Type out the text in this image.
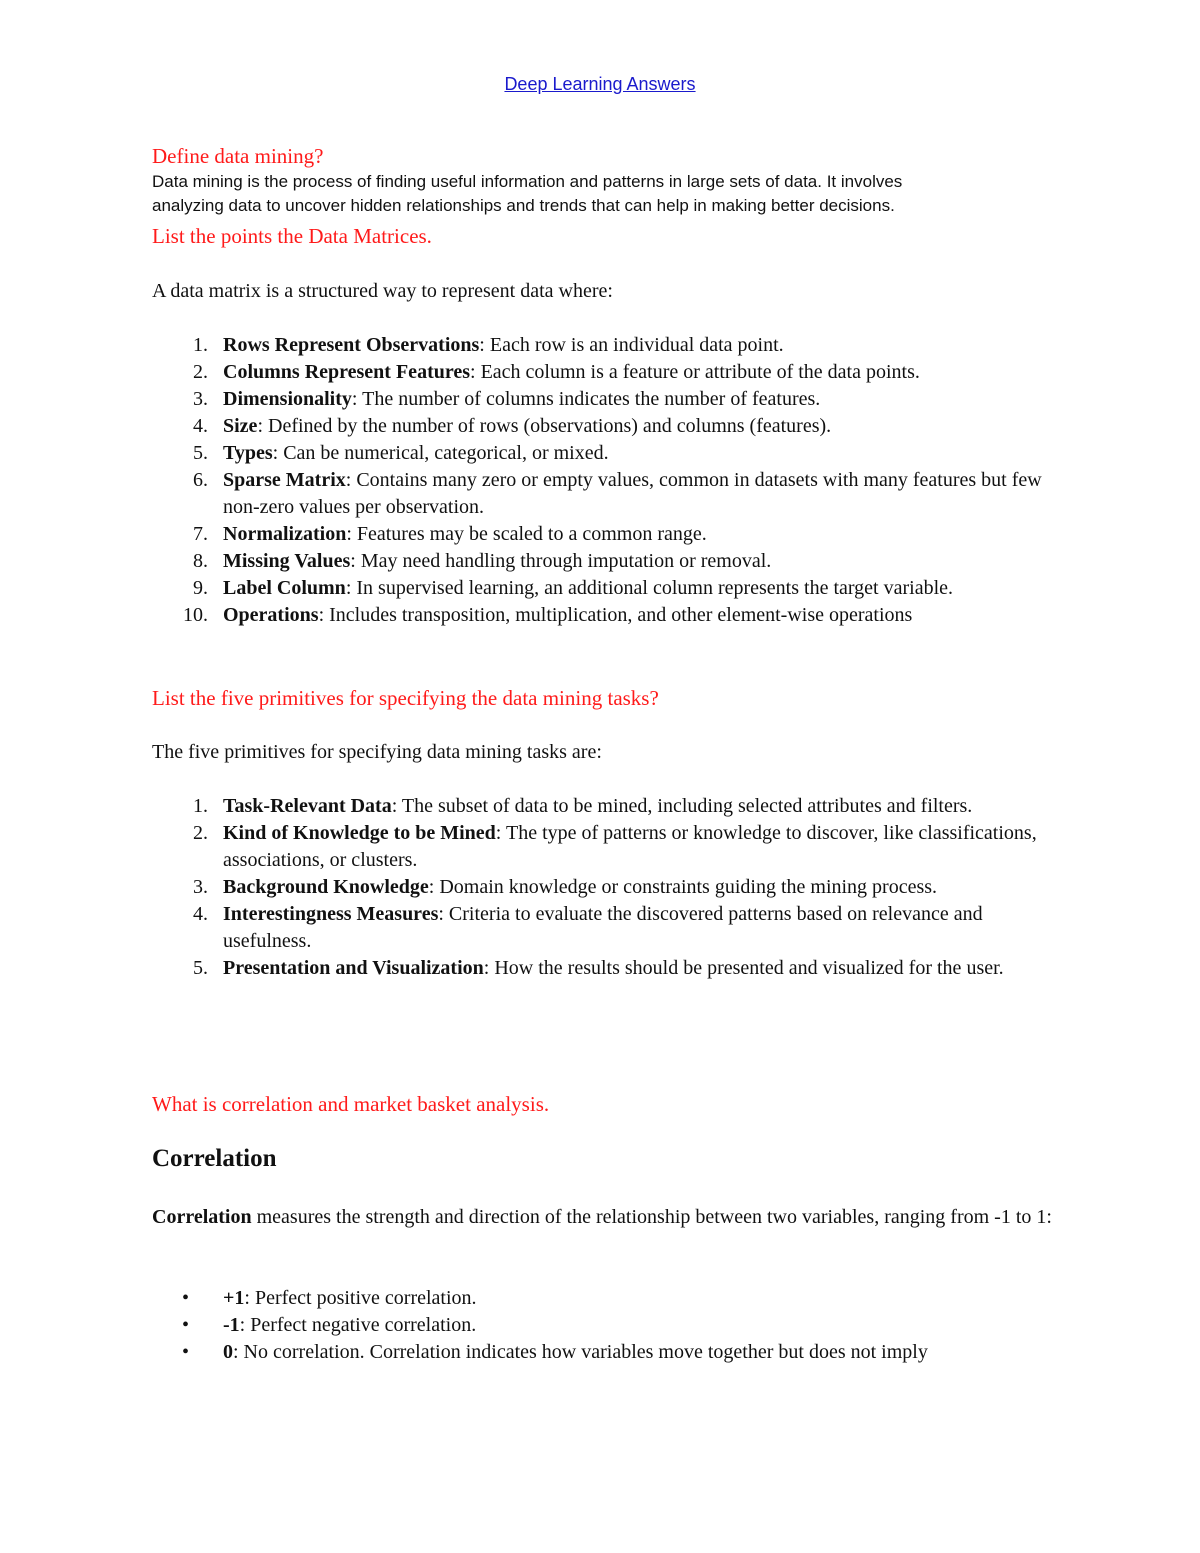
Deep Learning Answers
Define data mining?
Data mining is the process of finding useful information and patterns in large sets of data. It involves
analyzing data to uncover hidden relationships and trends that can help in making better decisions.
List the points the Data Matrices.
A data matrix is a structured way to represent data where:
1. Rows Represent Observations: Each row is an individual data point.
2. Columns Represent Features: Each column is a feature or attribute of the data points.
3. Dimensionality: The number of columns indicates the number of features.
4. Size: Defined by the number of rows (observations) and columns (features).
5. Types: Can be numerical, categorical, or mixed.
6. Sparse Matrix: Contains many zero or empty values, common in datasets with many features but few non-zero values per observation.
7. Normalization: Features may be scaled to a common range.
8. Missing Values: May need handling through imputation or removal.
9. Label Column: In supervised learning, an additional column represents the target variable.
10. Operations: Includes transposition, multiplication, and other element-wise operations
List the five primitives for specifying the data mining tasks?
The five primitives for specifying data mining tasks are:
1. Task-Relevant Data: The subset of data to be mined, including selected attributes and filters.
2. Kind of Knowledge to be Mined: The type of patterns or knowledge to discover, like classifications, associations, or clusters.
3. Background Knowledge: Domain knowledge or constraints guiding the mining process.
4. Interestingness Measures: Criteria to evaluate the discovered patterns based on relevance and usefulness.
5. Presentation and Visualization: How the results should be presented and visualized for the user.
What is correlation and market basket analysis.
Correlation
Correlation measures the strength and direction of the relationship between two variables, ranging from -1 to 1:
• +1: Perfect positive correlation.
• -1: Perfect negative correlation.
• 0: No correlation. Correlation indicates how variables move together but does not imply
